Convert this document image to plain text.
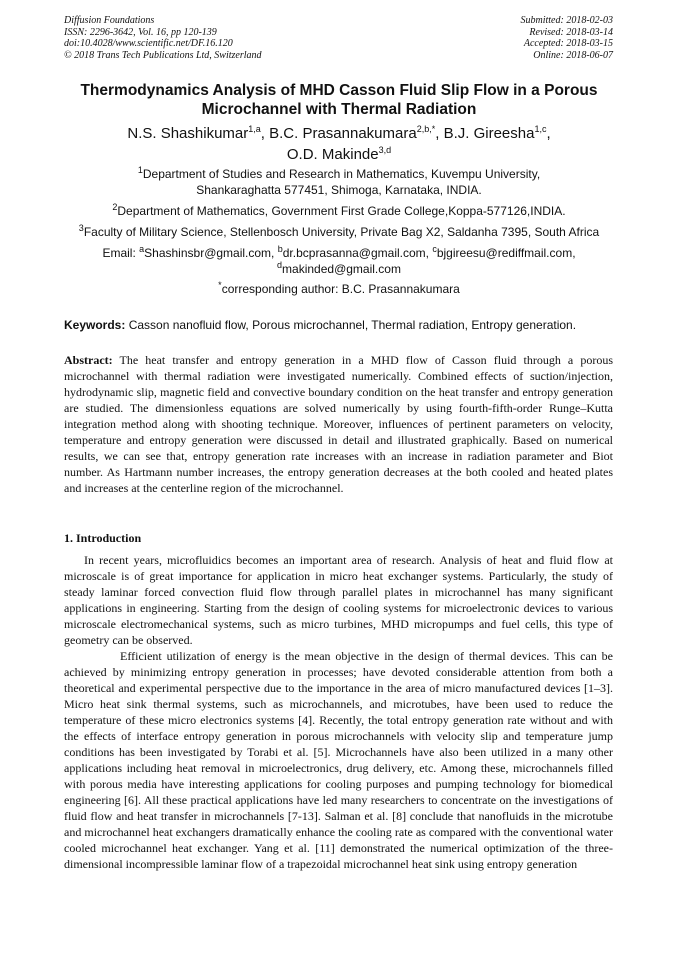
Diffusion Foundations
ISSN: 2296-3642, Vol. 16, pp 120-139
doi:10.4028/www.scientific.net/DF.16.120
© 2018 Trans Tech Publications Ltd, Switzerland
Submitted: 2018-02-03
Revised: 2018-03-14
Accepted: 2018-03-15
Online: 2018-06-07
Thermodynamics Analysis of MHD Casson Fluid Slip Flow in a Porous
Microchannel with Thermal Radiation
N.S. Shashikumar$^{1,a}$, B.C. Prasannakumara$^{2,b,*}$, B.J. Gireesha$^{1,c}$,
O.D. Makinde$^{3,d}$
$^1$Department of Studies and Research in Mathematics, Kuvempu University,
Shankaraghatta 577451, Shimoga, Karnataka, INDIA.
$^2$Department of Mathematics, Government First Grade College,Koppa-577126,INDIA.
$^3$Faculty of Military Science, Stellenbosch University, Private Bag X2, Saldanha 7395, South Africa
Email: $^a$Shashinsbr@gmail.com, $^b$dr.bcprasanna@gmail.com, $^c$bjgireesu@rediffmail.com,
$^d$makinded@gmail.com
*corresponding author: B.C. Prasannakumara
Keywords: Casson nanofluid flow, Porous microchannel, Thermal radiation, Entropy generation.
Abstract: The heat transfer and entropy generation in a MHD flow of Casson fluid through a porous microchannel with thermal radiation were investigated numerically. Combined effects of suction/injection, hydrodynamic slip, magnetic field and convective boundary condition on the heat transfer and entropy generation are studied. The dimensionless equations are solved numerically by using fourth-fifth-order Runge–Kutta integration method along with shooting technique. Moreover, influences of pertinent parameters on velocity, temperature and entropy generation were discussed in detail and illustrated graphically. Based on numerical results, we can see that, entropy generation rate increases with an increase in radiation parameter and Biot number. As Hartmann number increases, the entropy generation decreases at the both cooled and heated plates and increases at the centerline region of the microchannel.
1. Introduction
In recent years, microfluidics becomes an important area of research. Analysis of heat and fluid flow at microscale is of great importance for application in micro heat exchanger systems. Particularly, the study of steady laminar forced convection fluid flow through parallel plates in microchannel has many significant applications in engineering. Starting from the design of cooling systems for microelectronic devices to various microscale electromechanical systems, such as micro turbines, MHD micropumps and fuel cells, this type of geometry can be observed.
Efficient utilization of energy is the mean objective in the design of thermal devices. This can be achieved by minimizing entropy generation in processes; have devoted considerable attention from both a theoretical and experimental perspective due to the importance in the area of micro manufactured devices [1–3]. Micro heat sink thermal systems, such as microchannels, and microtubes, have been used to reduce the temperature of these micro electronics systems [4]. Recently, the total entropy generation rate without and with the effects of interface entropy generation in porous microchannels with velocity slip and temperature jump conditions has been investigated by Torabi et al. [5]. Microchannels have also been utilized in a many other applications including heat removal in microelectronics, drug delivery, etc. Among these, microchannels filled with porous media have interesting applications for cooling purposes and pumping technology for biomedical engineering [6]. All these practical applications have led many researchers to concentrate on the investigations of fluid flow and heat transfer in microchannels [7-13]. Salman et al. [8] conclude that nanofluids in the microtube and microchannel heat exchangers dramatically enhance the cooling rate as compared with the conventional water cooled microchannel heat exchanger. Yang et al. [11] demonstrated the numerical optimization of the three-dimensional incompressible laminar flow of a trapezoidal microchannel heat sink using entropy generation
